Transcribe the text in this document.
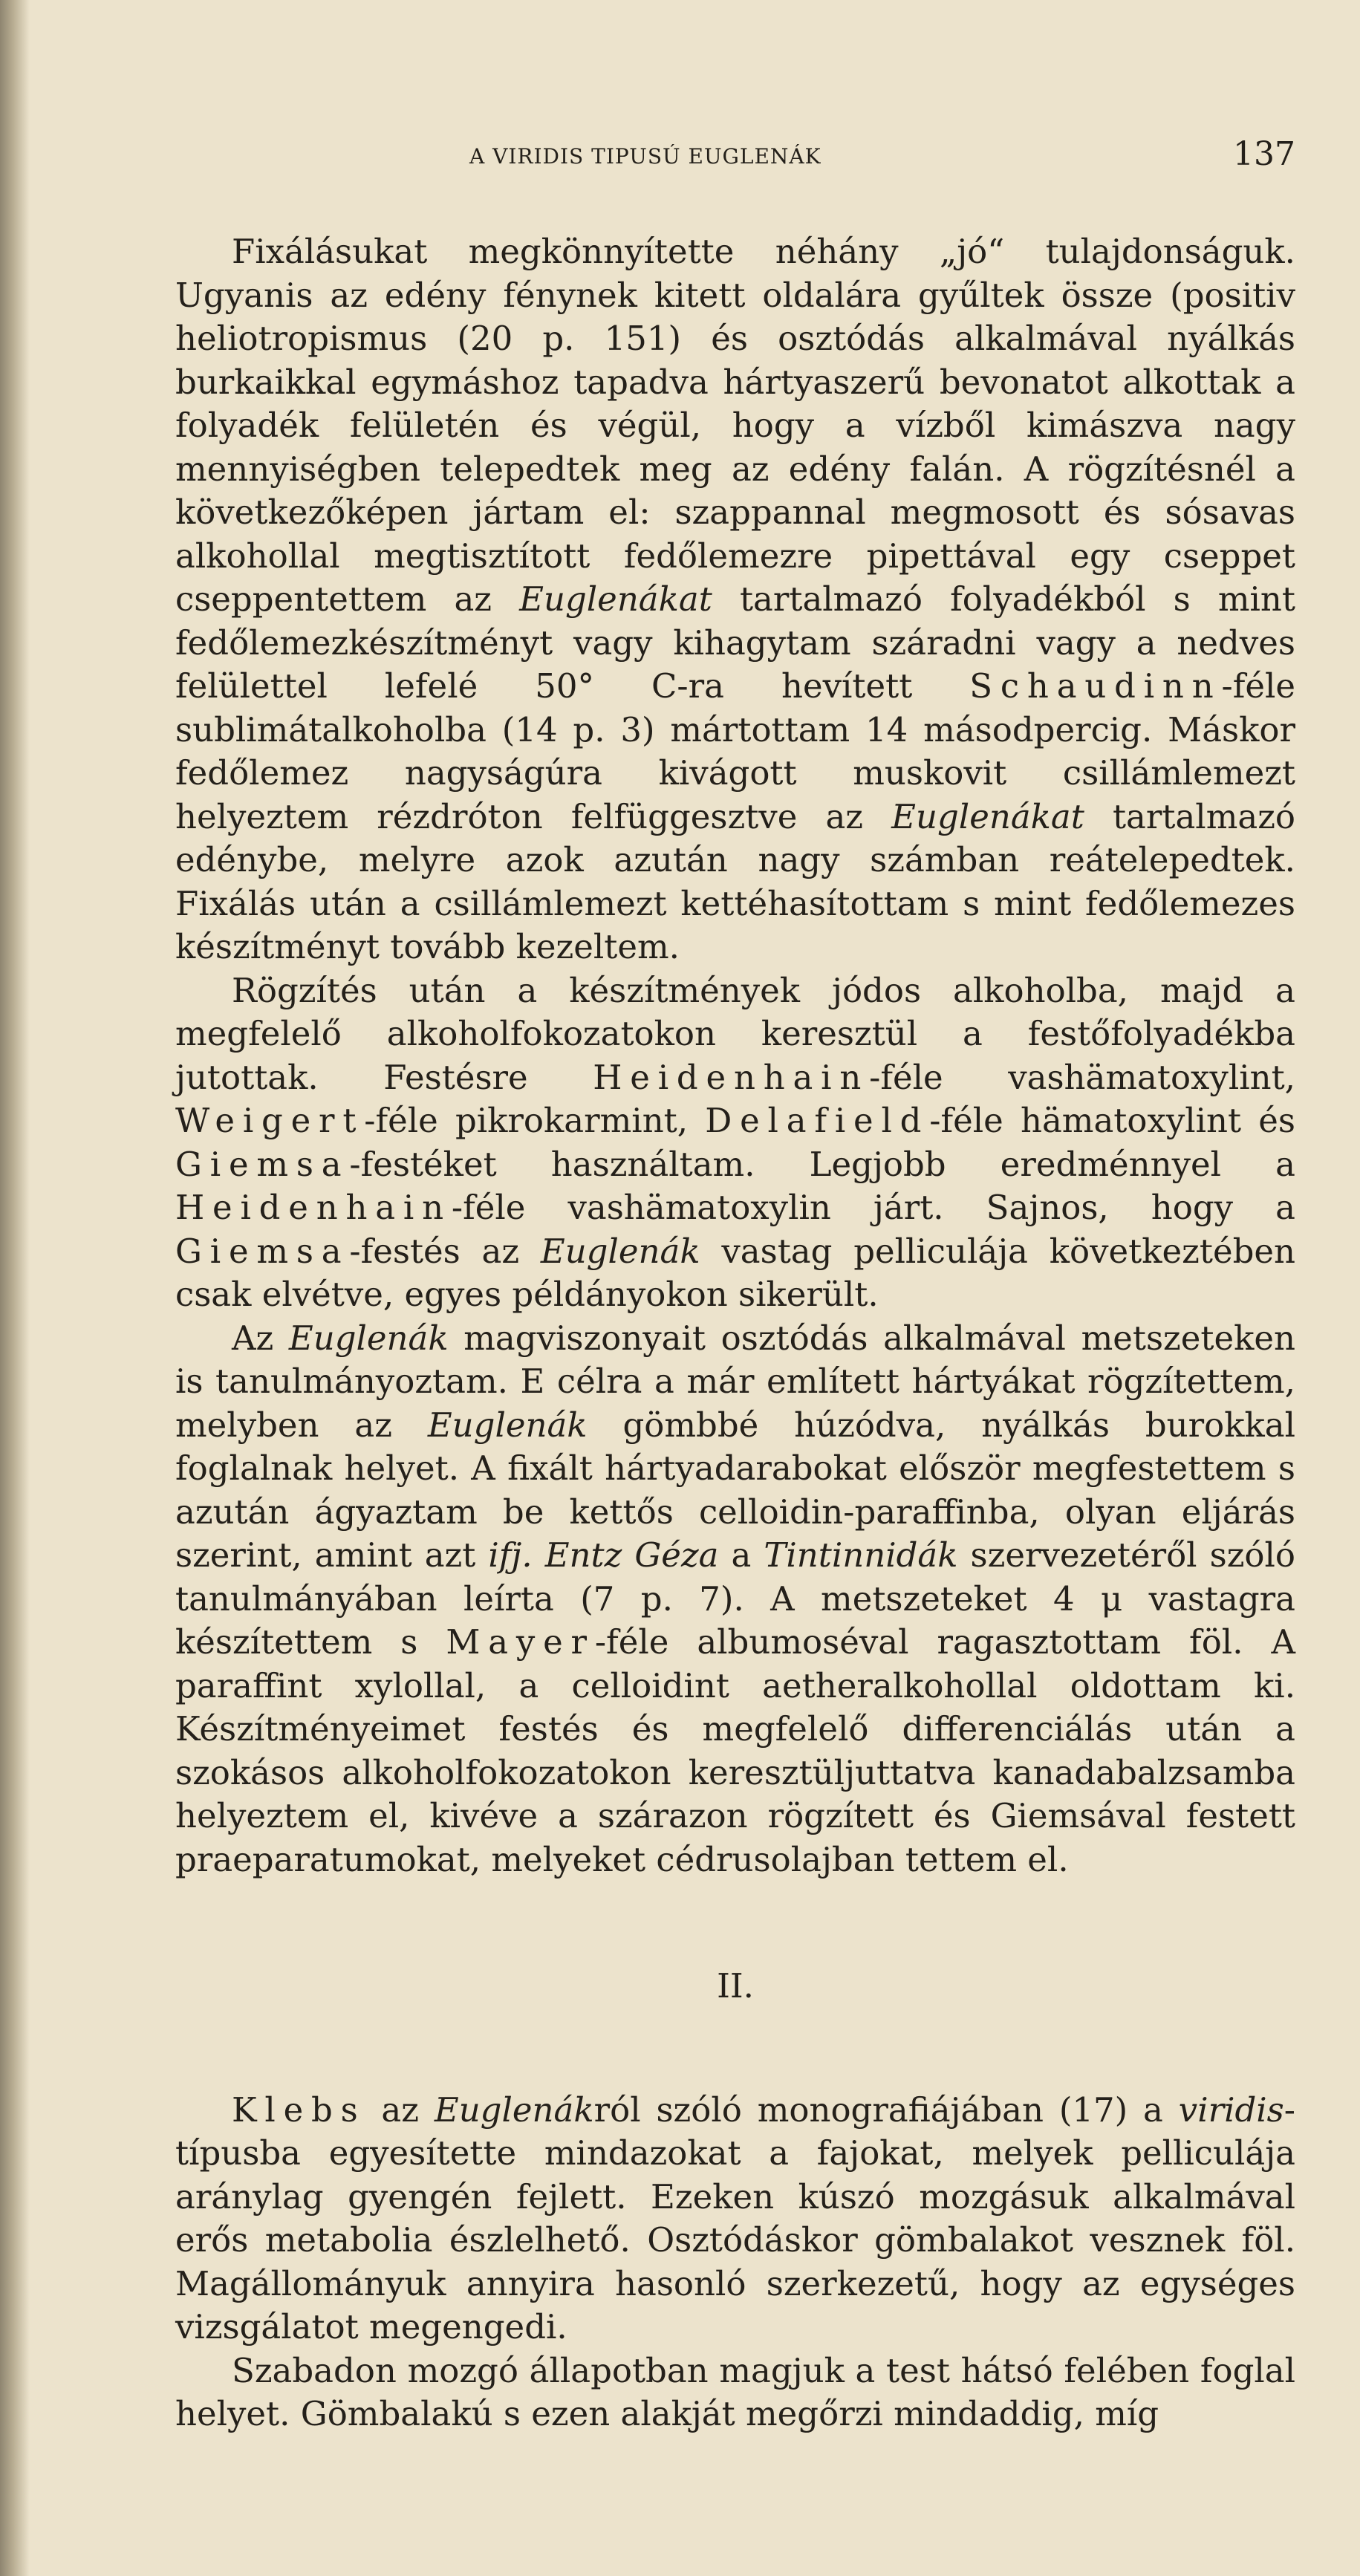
A VIRIDIS TIPUSÚ EUGLENÁK	137

Fixálásukat megkönnyítette néhány „jó“ tulajdonságuk. Ugyanis az edény fénynek kitett oldalára gyűltek össze (positiv heliotropismus (20 p. 151) és osztódás alkalmával nyálkás burkaikkal egymáshoz tapadva hártyaszerű bevonatot alkottak a folyadék felületén és végül, hogy a vízből kimászva nagy mennyiségben telepedtek meg az edény falán. A rögzítésnél a következőképen jártam el: szappannal megmosott és sósavas alkohollal megtisztított fedőlemezre pipettával egy cseppet cseppentettem az Euglenákat tartalmazó folyadékból s mint fedőlemezkészítményt vagy kihagytam száradni vagy a nedves felülettel lefelé 50° C-ra hevített Schaudinn-féle sublimátalkoholba (14 p. 3) mártottam 14 másodpercig. Máskor fedőlemez nagyságúra kivágott muskovit csillámlemezt helyeztem rézdróton felfüggesztve az Euglenákat tartalmazó edénybe, melyre azok azután nagy számban reátelepedtek. Fixálás után a csillámlemezt kettéhasítottam s mint fedőlemezes készítményt tovább kezeltem.

Rögzítés után a készítmények jódos alkoholba, majd a megfelelő alkoholfokozatokon keresztül a festőfolyadékba jutottak. Festésre Heidenhain-féle vashämatoxylint, Weigert-féle pikrokarmint, Delafield-féle hämatoxylint és Giemsa-festéket használtam. Legjobb eredménnyel a Heidenhain-féle vashämatoxylin járt. Sajnos, hogy a Giemsa-festés az Euglenák vastag pelliculája következtében csak elvétve, egyes példányokon sikerült.

Az Euglenák magviszonyait osztódás alkalmával metszeteken is tanulmányoztam. E célra a már említett hártyákat rögzítettem, melyben az Euglenák gömbbé húzódva, nyálkás burokkal foglalnak helyet. A fixált hártyadarabokat először megfestettem s azután ágyaztam be kettős celloidin-paraffinba, olyan eljárás szerint, amint azt ifj. Entz Géza a Tintinnidák szervezetéről szóló tanulmányában leírta (7 p. 7). A metszeteket 4 μ vastagra készítettem s Mayer-féle albumoséval ragasztottam föl. A paraffint xylollal, a celloidint aetheralkohollal oldottam ki. Készítményeimet festés és megfelelő differenciálás után a szokásos alkoholfokozatokon keresztüljuttatva kanadabalzsamba helyeztem el, kivéve a szárazon rögzített és Giemsával festett praeparatumokat, melyeket cédrusolajban tettem el.

II.

Klebs az Euglenákról szóló monografiájában (17) a viridis-típusba egyesítette mindazokat a fajokat, melyek pelliculája aránylag gyengén fejlett. Ezeken kúszó mozgásuk alkalmával erős metabolia észlelhető. Osztódáskor gömbalakot vesznek föl. Magállományuk annyira hasonló szerkezetű, hogy az egységes vizsgálatot megengedi.

Szabadon mozgó állapotban magjuk a test hátsó felében foglal helyet. Gömbalakú s ezen alakját megőrzi mindaddig, míg
